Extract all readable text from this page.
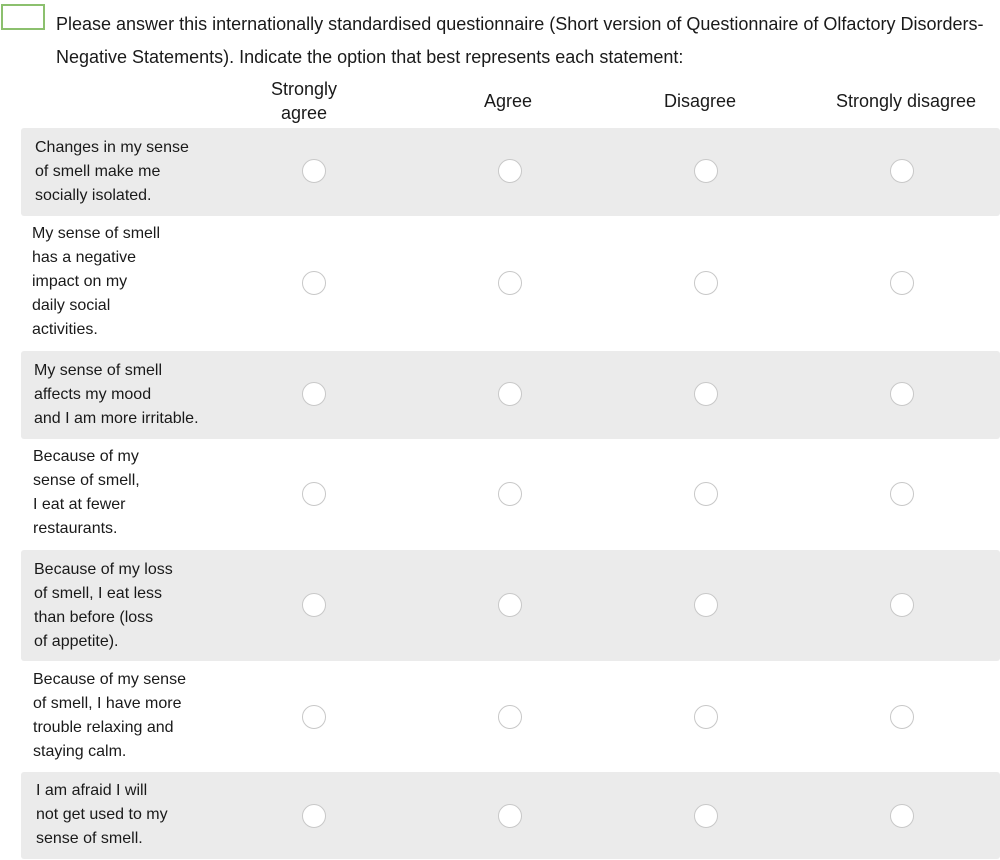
Please answer this internationally standardised questionnaire (Short version of Questionnaire of Olfactory Disorders-Negative Statements). Indicate the option that best represents each statement:
Strongly
agree
Agree	Disagree	Strongly disagree
Changes in my sense
of smell make me
socially isolated.
My sense of smell
has a negative
impact on my
daily social
activities.
My sense of smell
affects my mood
and I am more irritable.
Because of my
sense of smell,
I eat at fewer
restaurants.
Because of my loss
of smell, I eat less
than before (loss
of appetite).
Because of my sense
of smell, I have more
trouble relaxing and
staying calm.
I am afraid I will
not get used to my
sense of smell.
